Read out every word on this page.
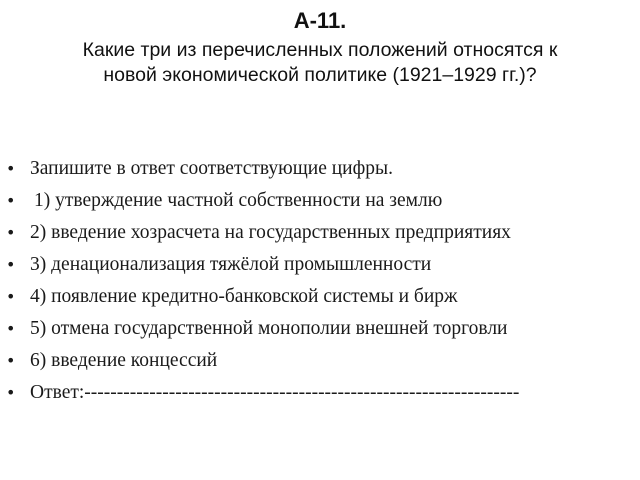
А-11.
Какие три из перечисленных положений относятся к
новой экономической политике (1921–1929 гг.)?
• Запишите в ответ соответствующие цифры.
• 1) утверждение частной собственности на землю
• 2) введение хозрасчета на государственных предприятиях
• 3) денационализация тяжёлой промышленности
• 4) появление кредитно-банковской системы и бирж
• 5) отмена государственной монополии внешней торговли
• 6) введение концессий
• Ответ:-------------------------------------------------------------------
